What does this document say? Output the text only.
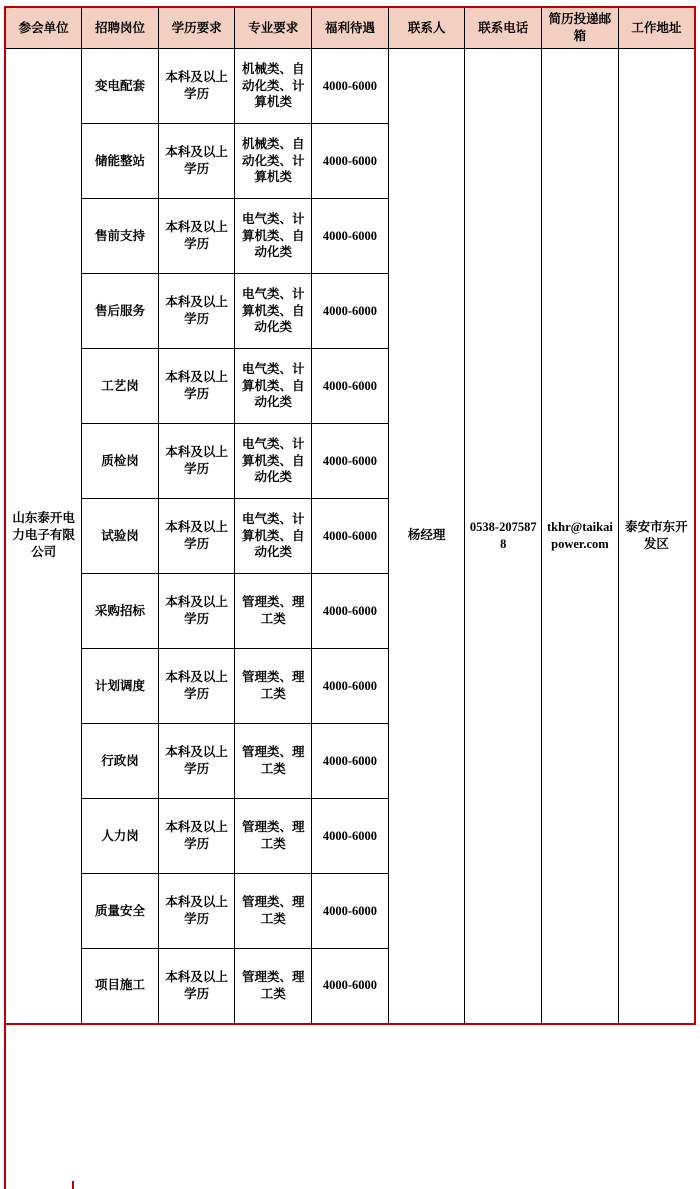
参会单位	招聘岗位	学历要求	专业要求	福利待遇	联系人	联系电话	简历投递邮箱	工作地址
山东泰开电力电子有限公司	变电配套	本科及以上学历	机械类、自动化类、计算机类	4000-6000	杨经理	0538-2075878	tkhr@taikaipower.com	泰安市东开发区
	储能整站	本科及以上学历	机械类、自动化类、计算机类	4000-6000				
	售前支持	本科及以上学历	电气类、计算机类、自动化类	4000-6000				
	售后服务	本科及以上学历	电气类、计算机类、自动化类	4000-6000				
	工艺岗	本科及以上学历	电气类、计算机类、自动化类	4000-6000				
	质检岗	本科及以上学历	电气类、计算机类、自动化类	4000-6000				
	试验岗	本科及以上学历	电气类、计算机类、自动化类	4000-6000				
	采购招标	本科及以上学历	管理类、理工类	4000-6000				
	计划调度	本科及以上学历	管理类、理工类	4000-6000				
	行政岗	本科及以上学历	管理类、理工类	4000-6000				
	人力岗	本科及以上学历	管理类、理工类	4000-6000				
	质量安全	本科及以上学历	管理类、理工类	4000-6000				
	项目施工	本科及以上学历	管理类、理工类	4000-6000				
